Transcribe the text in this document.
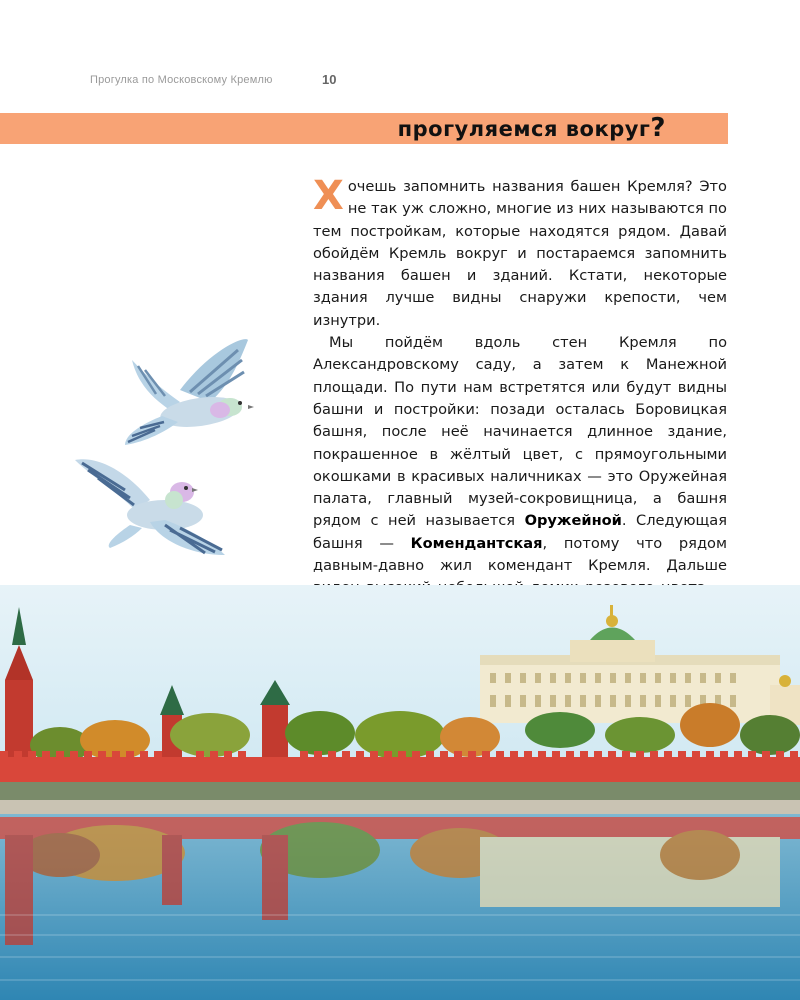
Прогулка по Московскому Кремлю	10
прогуляемся вокруг?

Хочешь запомнить названия башен Кремля? Это не так уж сложно, многие из них называются по тем постройкам, которые находятся рядом. Давай обойдём Кремль вокруг и постараемся запомнить названия башен и зданий. Кстати, некоторые здания лучше видны снаружи крепости, чем изнутри.

Мы пойдём вдоль стен Кремля по Александровскому саду, а затем к Манежной площади. По пути нам встретятся или будут видны башни и постройки: позади осталась Боровицкая башня, после неё начинается длинное здание, покрашенное в жёлтый цвет, с прямоугольными окошками в красивых наличниках — это Оружейная палата, главный музей-сокровищница, а башня рядом с ней называется Оружейной. Следующая башня — Комендантская, потому что рядом давным-давно жил комендант Кремля. Дальше
